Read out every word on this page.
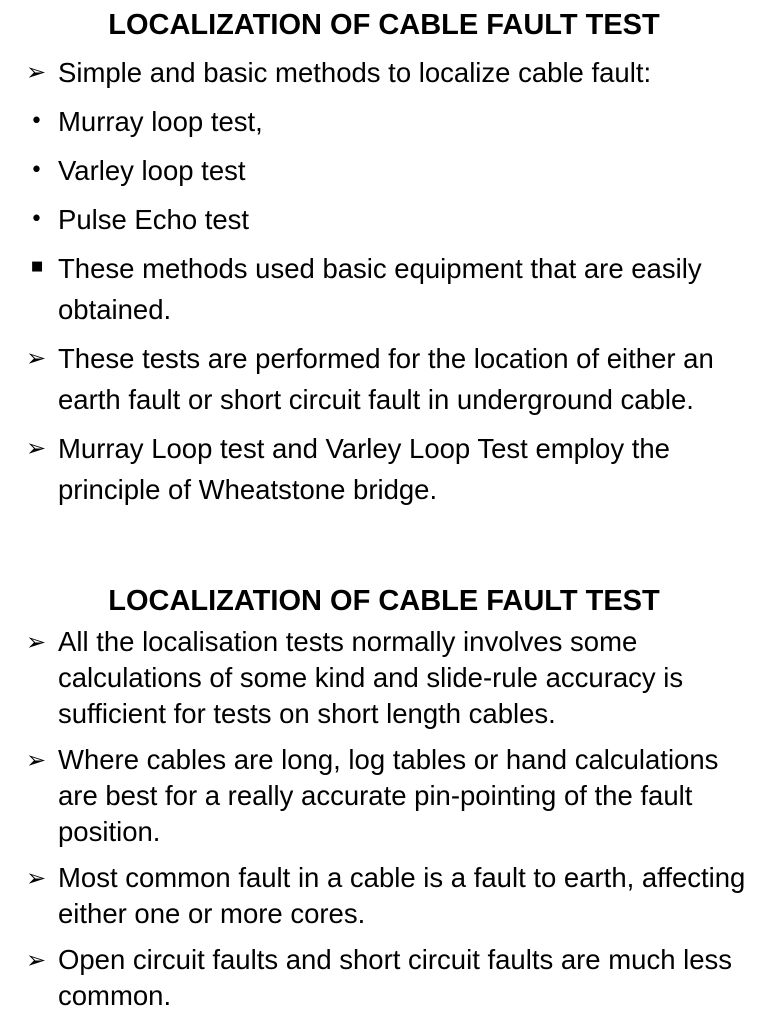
LOCALIZATION OF CABLE FAULT TEST
➢ Simple and basic methods to localize cable fault:
• Murray loop test,
• Varley loop test
• Pulse Echo test
■ These methods used basic equipment that are easily obtained.
➢ These tests are performed for the location of either an earth fault or short circuit fault in underground cable.
➢ Murray Loop test and Varley Loop Test employ the principle of Wheatstone bridge.
LOCALIZATION OF CABLE FAULT TEST
➢ All the localisation tests normally involves some calculations of some kind and slide-rule accuracy is sufficient for tests on short length cables.
➢ Where cables are long, log tables or hand calculations are best for a really accurate pin-pointing of the fault position.
➢ Most common fault in a cable is a fault to earth, affecting either one or more cores.
➢ Open circuit faults and short circuit faults are much less common.
